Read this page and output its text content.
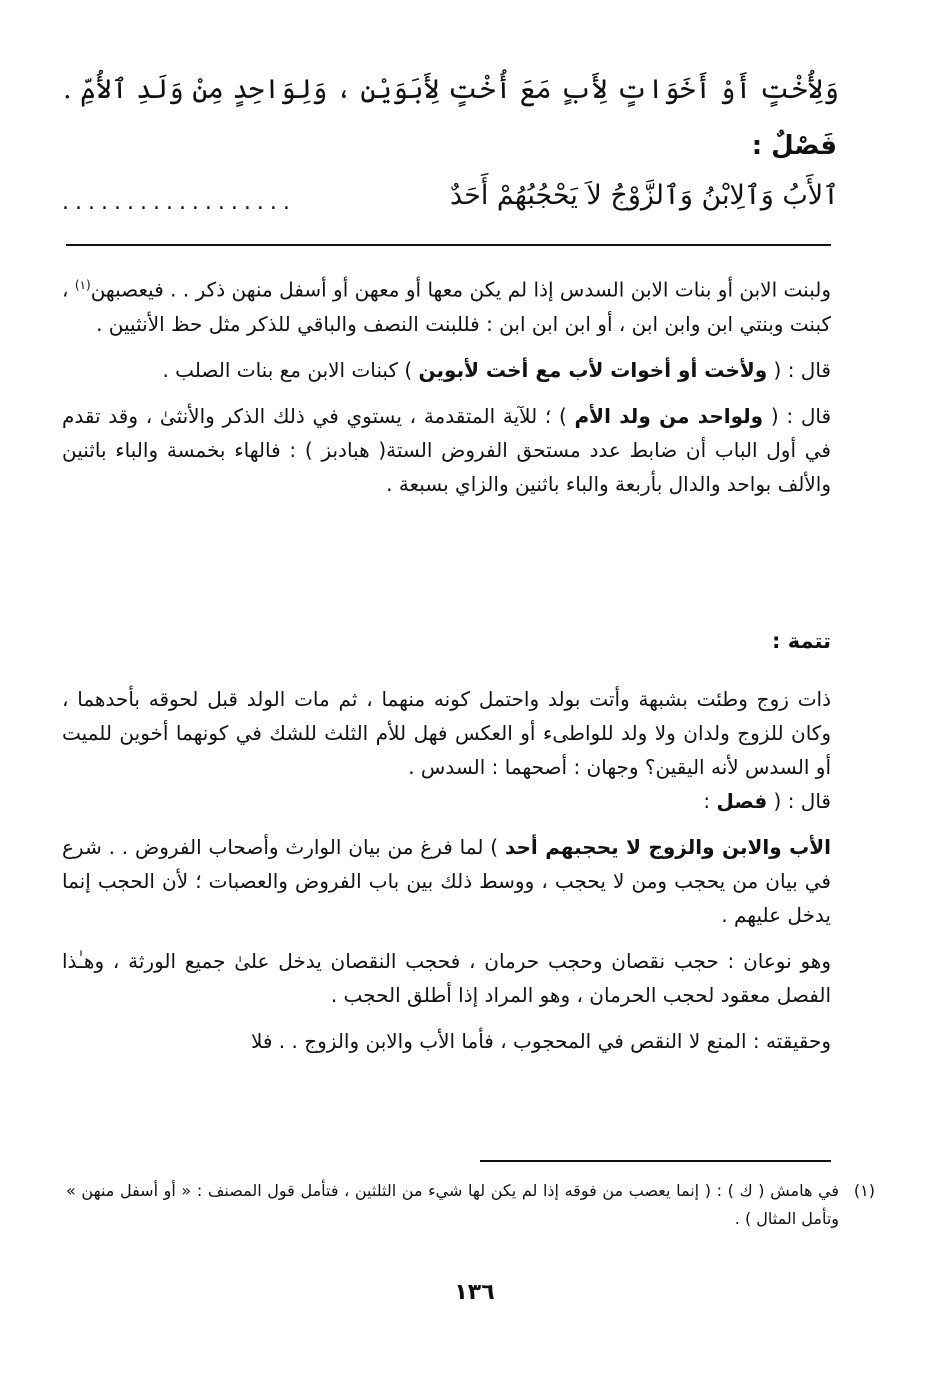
وَلِأُخْتٍ أَوْ أَخَوَاتٍ لِأَبٍ مَعَ أُخْتٍ لِأَبَوَيْنِ ، وَلِوَاحِدٍ مِنْ وَلَدِ ٱلأُمِّ .
فَصْلٌ :
ٱلأَبُ وَٱلِابْنُ وَٱلزَّوْجُ لاَ يَحْجُبُهُمْ أَحَدٌ
..................

ولبنت الابن أو بنات الابن السدس إذا لم يكن معها أو معهن أو أسفل منهن ذكر . . فيعصبهن$^{(١)}$ ، كبنت وبنتي ابن وابن ابن ، أو ابن ابن ابن : فللبنت النصف والباقي للذكر مثل حظ الأنثيين .

قال : ( ولأخت أو أخوات لأب مع أخت لأبوين ) كبنات الابن مع بنات الصلب .

قال : ( ولواحد من ولد الأم ) ؛ للآية المتقدمة ، يستوي في ذلك الذكر والأنثىٰ ، وقد تقدم في أول الباب أن ضابط عدد مستحق الفروض الستة( هبادبز ) : فالهاء بخمسة والباء باثنين والألف بواحد والدال بأربعة والباء باثنين والزاي بسبعة .

تتمة :

ذات زوج وطئت بشبهة وأتت بولد واحتمل كونه منهما ، ثم مات الولد قبل لحوقه بأحدهما ، وكان للزوج ولدان ولا ولد للواطىء أو العكس فهل للأم الثلث للشك في كونهما أخوين للميت أو السدس لأنه اليقين؟ وجهان : أصحهما : السدس .

قال : ( فصل :

الأب والابن والزوج لا يحجبهم أحد ) لما فرغ من بيان الوارث وأصحاب الفروض . . شرع في بيان من يحجب ومن لا يحجب ، ووسط ذلك بين باب الفروض والعصبات ؛ لأن الحجب إنما يدخل عليهم .

وهو نوعان : حجب نقصان وحجب حرمان ، فحجب النقصان يدخل علىٰ جميع الورثة ، وهـٰذا الفصل معقود لحجب الحرمان ، وهو المراد إذا أطلق الحجب .

وحقيقته : المنع لا النقص في المحجوب ، فأما الأب والابن والزوج . . فلا

(١)
في هامش ( ك ) : ( إنما يعصب من فوقه إذا لم يكن لها شيء من الثلثين ، فتأمل قول المصنف : « أو أسفل منهن » وتأمل المثال ) .
١٣٦
